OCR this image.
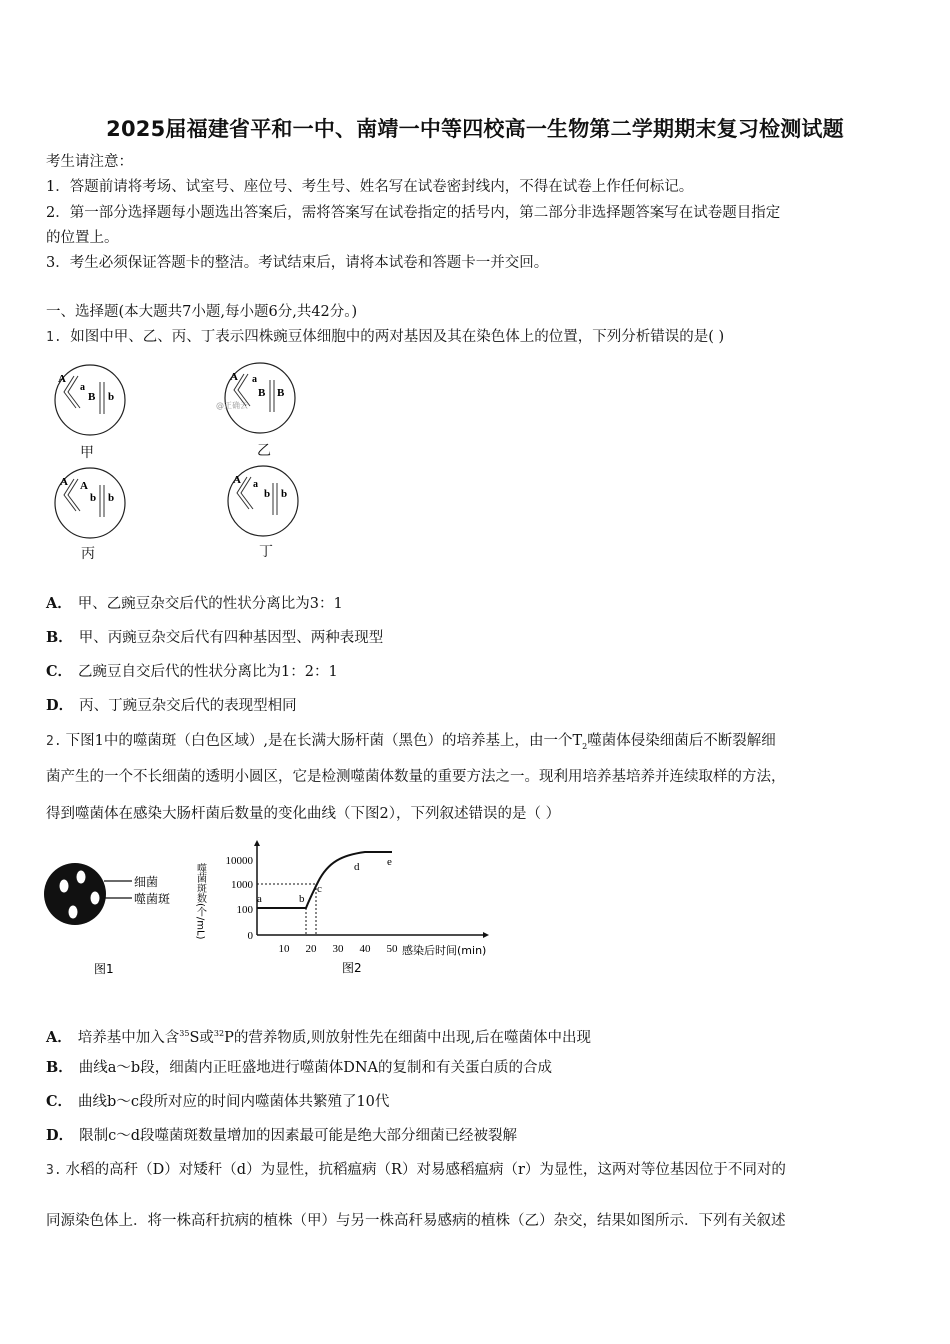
2025届福建省平和一中、南靖一中等四校高一生物第二学期期末复习检测试题
考生请注意：
1．答题前请将考场、试室号、座位号、考生号、姓名写在试卷密封线内，不得在试卷上作任何标记。
2．第一部分选择题每小题选出答案后，需将答案写在试卷指定的括号内，第二部分非选择题答案写在试卷题目指定
的位置上。
3．考生必须保证答题卡的整洁。考试结束后，请将本试卷和答题卡一并交回。
一、选择题(本大题共7小题,每小题6分,共42分。)
1. 如图中甲、乙、丙、丁表示四株豌豆体细胞中的两对基因及其在染色体上的位置，下列分析错误的是( )
A
a
B b
甲
A a
B B
@正确云
乙
A A
b b
丙
A a
b b
丁
A． 甲、乙豌豆杂交后代的性状分离比为3：1
B． 甲、丙豌豆杂交后代有四种基因型、两种表现型
C． 乙豌豆自交后代的性状分离比为1：2：1
D． 丙、丁豌豆杂交后代的表现型相同
2. 下图1中的噬菌斑（白色区域）,是在长满大肠杆菌（黑色）的培养基上，由一个$T_2$噬菌体侵染细菌后不断裂解细
菌产生的一个不长细菌的透明小圆区，它是检测噬菌体数量的重要方法之一。现利用培养基培养并连续取样的方法，
得到噬菌体在感染大肠杆菌后数量的变化曲线（下图2），下列叙述错误的是（ ）
细菌
噬菌斑
图1
噬菌斑数(个/mL)
10000
1000
100
0
10 20 30 40 50 感染后时间(min)
a	b
c
d	e
图2
A． 培养基中加入含$^{35}$S或$^{32}$P的营养物质,则放射性先在细菌中出现,后在噬菌体中出现
B． 曲线a～b段，细菌内正旺盛地进行噬菌体DNA的复制和有关蛋白质的合成
C． 曲线b～c段所对应的时间内噬菌体共繁殖了10代
D． 限制c～d段噬菌斑数量增加的因素最可能是绝大部分细菌已经被裂解
3. 水稻的高秆（D）对矮秆（d）为显性，抗稻瘟病（R）对易感稻瘟病（r）为显性，这两对等位基因位于不同对的
同源染色体上．将一株高秆抗病的植株（甲）与另一株高秆易感病的植株（乙）杂交，结果如图所示．下列有关叙述
